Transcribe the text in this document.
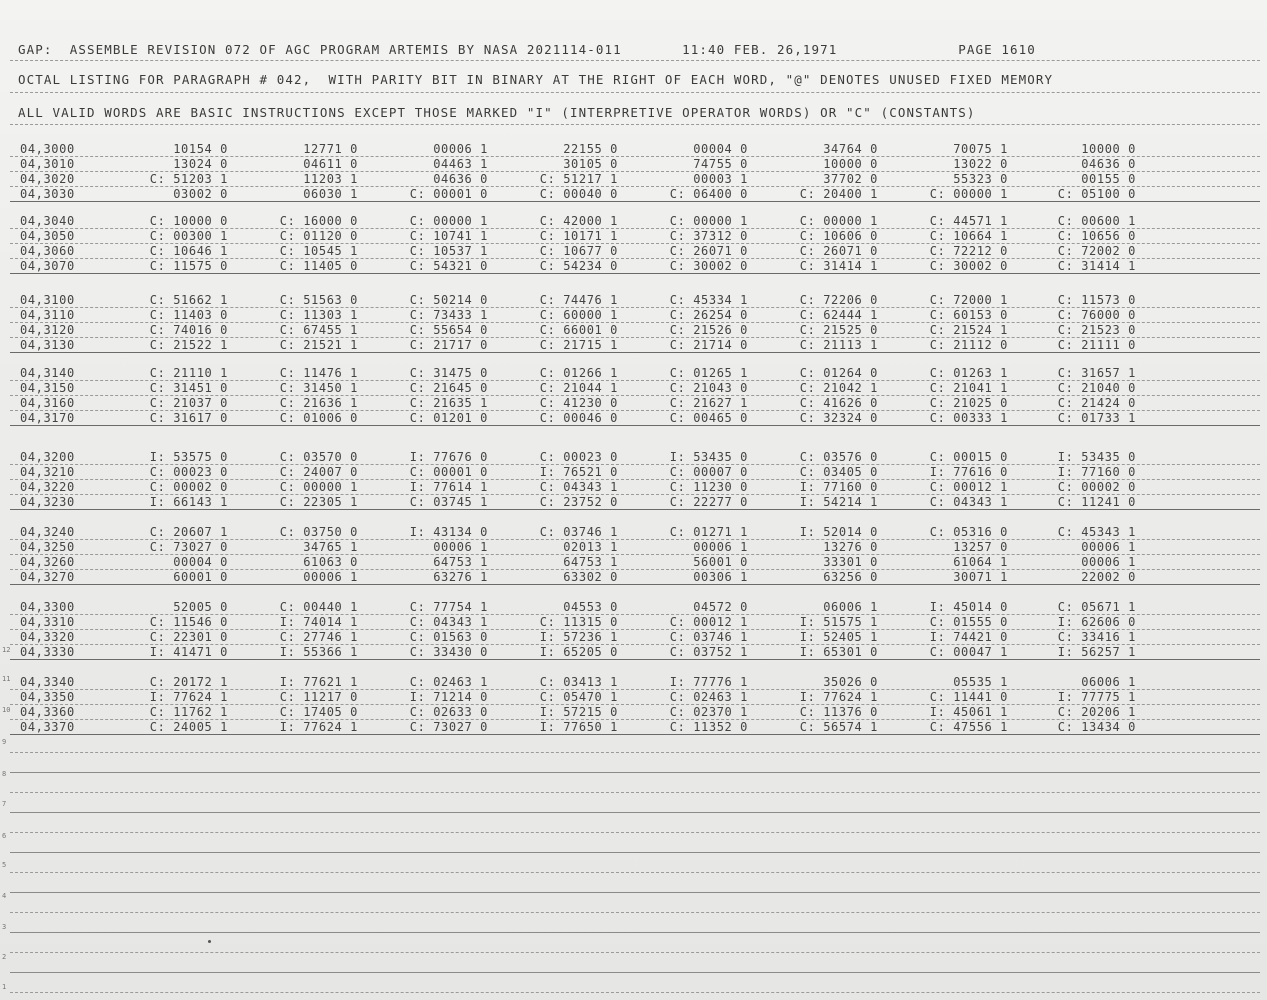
GAP:  ASSEMBLE REVISION 072 OF AGC PROGRAM ARTEMIS BY NASA 2021114-011       11:40 FEB. 26,1971              PAGE 1610
OCTAL LISTING FOR PARAGRAPH # 042,  WITH PARITY BIT IN BINARY AT THE RIGHT OF EACH WORD, "@" DENOTES UNUSED FIXED MEMORY
ALL VALID WORDS ARE BASIC INSTRUCTIONS EXCEPT THOSE MARKED "I" (INTERPRETIVE OPERATOR WORDS) OR "C" (CONSTANTS)
04,3000	10154 0	12771 0	00006 1	22155 0	00004 0	34764 0	70075 1	10000 0
04,3010	13024 0	04611 0	04463 1	30105 0	74755 0	10000 0	13022 0	04636 0
04,3020	C: 51203 1	11203 1	04636 0	C: 51217 1	00003 1	37702 0	55323 0	00155 0
04,3030	03002 0	06030 1	C: 00001 0	C: 00040 0	C: 06400 0	C: 20400 1	C: 00000 1	C: 05100 0
04,3040	C: 10000 0	C: 16000 0	C: 00000 1	C: 42000 1	C: 00000 1	C: 00000 1	C: 44571 1	C: 00600 1
04,3050	C: 00300 1	C: 01120 0	C: 10741 1	C: 10171 1	C: 37312 0	C: 10606 0	C: 10664 1	C: 10656 0
04,3060	C: 10646 1	C: 10545 1	C: 10537 1	C: 10677 0	C: 26071 0	C: 26071 0	C: 72212 0	C: 72002 0
04,3070	C: 11575 0	C: 11405 0	C: 54321 0	C: 54234 0	C: 30002 0	C: 31414 1	C: 30002 0	C: 31414 1
04,3100	C: 51662 1	C: 51563 0	C: 50214 0	C: 74476 1	C: 45334 1	C: 72206 0	C: 72000 1	C: 11573 0
04,3110	C: 11403 0	C: 11303 1	C: 73433 1	C: 60000 1	C: 26254 0	C: 62444 1	C: 60153 0	C: 76000 0
04,3120	C: 74016 0	C: 67455 1	C: 55654 0	C: 66001 0	C: 21526 0	C: 21525 0	C: 21524 1	C: 21523 0
04,3130	C: 21522 1	C: 21521 1	C: 21717 0	C: 21715 1	C: 21714 0	C: 21113 1	C: 21112 0	C: 21111 0
04,3140	C: 21110 1	C: 11476 1	C: 31475 0	C: 01266 1	C: 01265 1	C: 01264 0	C: 01263 1	C: 31657 1
04,3150	C: 31451 0	C: 31450 1	C: 21645 0	C: 21044 1	C: 21043 0	C: 21042 1	C: 21041 1	C: 21040 0
04,3160	C: 21037 0	C: 21636 1	C: 21635 1	C: 41230 0	C: 21627 1	C: 41626 0	C: 21025 0	C: 21424 0
04,3170	C: 31617 0	C: 01006 0	C: 01201 0	C: 00046 0	C: 00465 0	C: 32324 0	C: 00333 1	C: 01733 1
04,3200	I: 53575 0	C: 03570 0	I: 77676 0	C: 00023 0	I: 53435 0	C: 03576 0	C: 00015 0	I: 53435 0
04,3210	C: 00023 0	C: 24007 0	C: 00001 0	I: 76521 0	C: 00007 0	C: 03405 0	I: 77616 0	I: 77160 0
04,3220	C: 00002 0	C: 00000 1	I: 77614 1	C: 04343 1	C: 11230 0	I: 77160 0	C: 00012 1	C: 00002 0
04,3230	I: 66143 1	C: 22305 1	C: 03745 1	C: 23752 0	C: 22277 0	I: 54214 1	C: 04343 1	C: 11241 0
04,3240	C: 20607 1	C: 03750 0	I: 43134 0	C: 03746 1	C: 01271 1	I: 52014 0	C: 05316 0	C: 45343 1
04,3250	C: 73027 0	34765 1	00006 1	02013 1	00006 1	13276 0	13257 0	00006 1
04,3260	00004 0	61063 0	64753 1	64753 1	56001 0	33301 0	61064 1	00006 1
04,3270	60001 0	00006 1	63276 1	63302 0	00306 1	63256 0	30071 1	22002 0
04,3300	52005 0	C: 00440 1	C: 77754 1	04553 0	04572 0	06006 1	I: 45014 0	C: 05671 1
04,3310	C: 11546 0	I: 74014 1	C: 04343 1	C: 11315 0	C: 00012 1	I: 51575 1	C: 01555 0	I: 62606 0
04,3320	C: 22301 0	C: 27746 1	C: 01563 0	I: 57236 1	C: 03746 1	I: 52405 1	I: 74421 0	C: 33416 1
04,3330	I: 41471 0	I: 55366 1	C: 33430 0	I: 65205 0	C: 03752 1	I: 65301 0	C: 00047 1	I: 56257 1
04,3340	C: 20172 1	I: 77621 1	C: 02463 1	C: 03413 1	I: 77776 1	35026 0	05535 1	06006 1
04,3350	I: 77624 1	C: 11217 0	I: 71214 0	C: 05470 1	C: 02463 1	I: 77624 1	C: 11441 0	I: 77775 1
04,3360	C: 11762 1	C: 17405 0	C: 02633 0	I: 57215 0	C: 02370 1	C: 11376 0	I: 45061 1	C: 20206 1
04,3370	C: 24005 1	I: 77624 1	C: 73027 0	I: 77650 1	C: 11352 0	C: 56574 1	C: 47556 1	C: 13434 0
12
11
10
9
8
7
6
5
4
3
2
1
